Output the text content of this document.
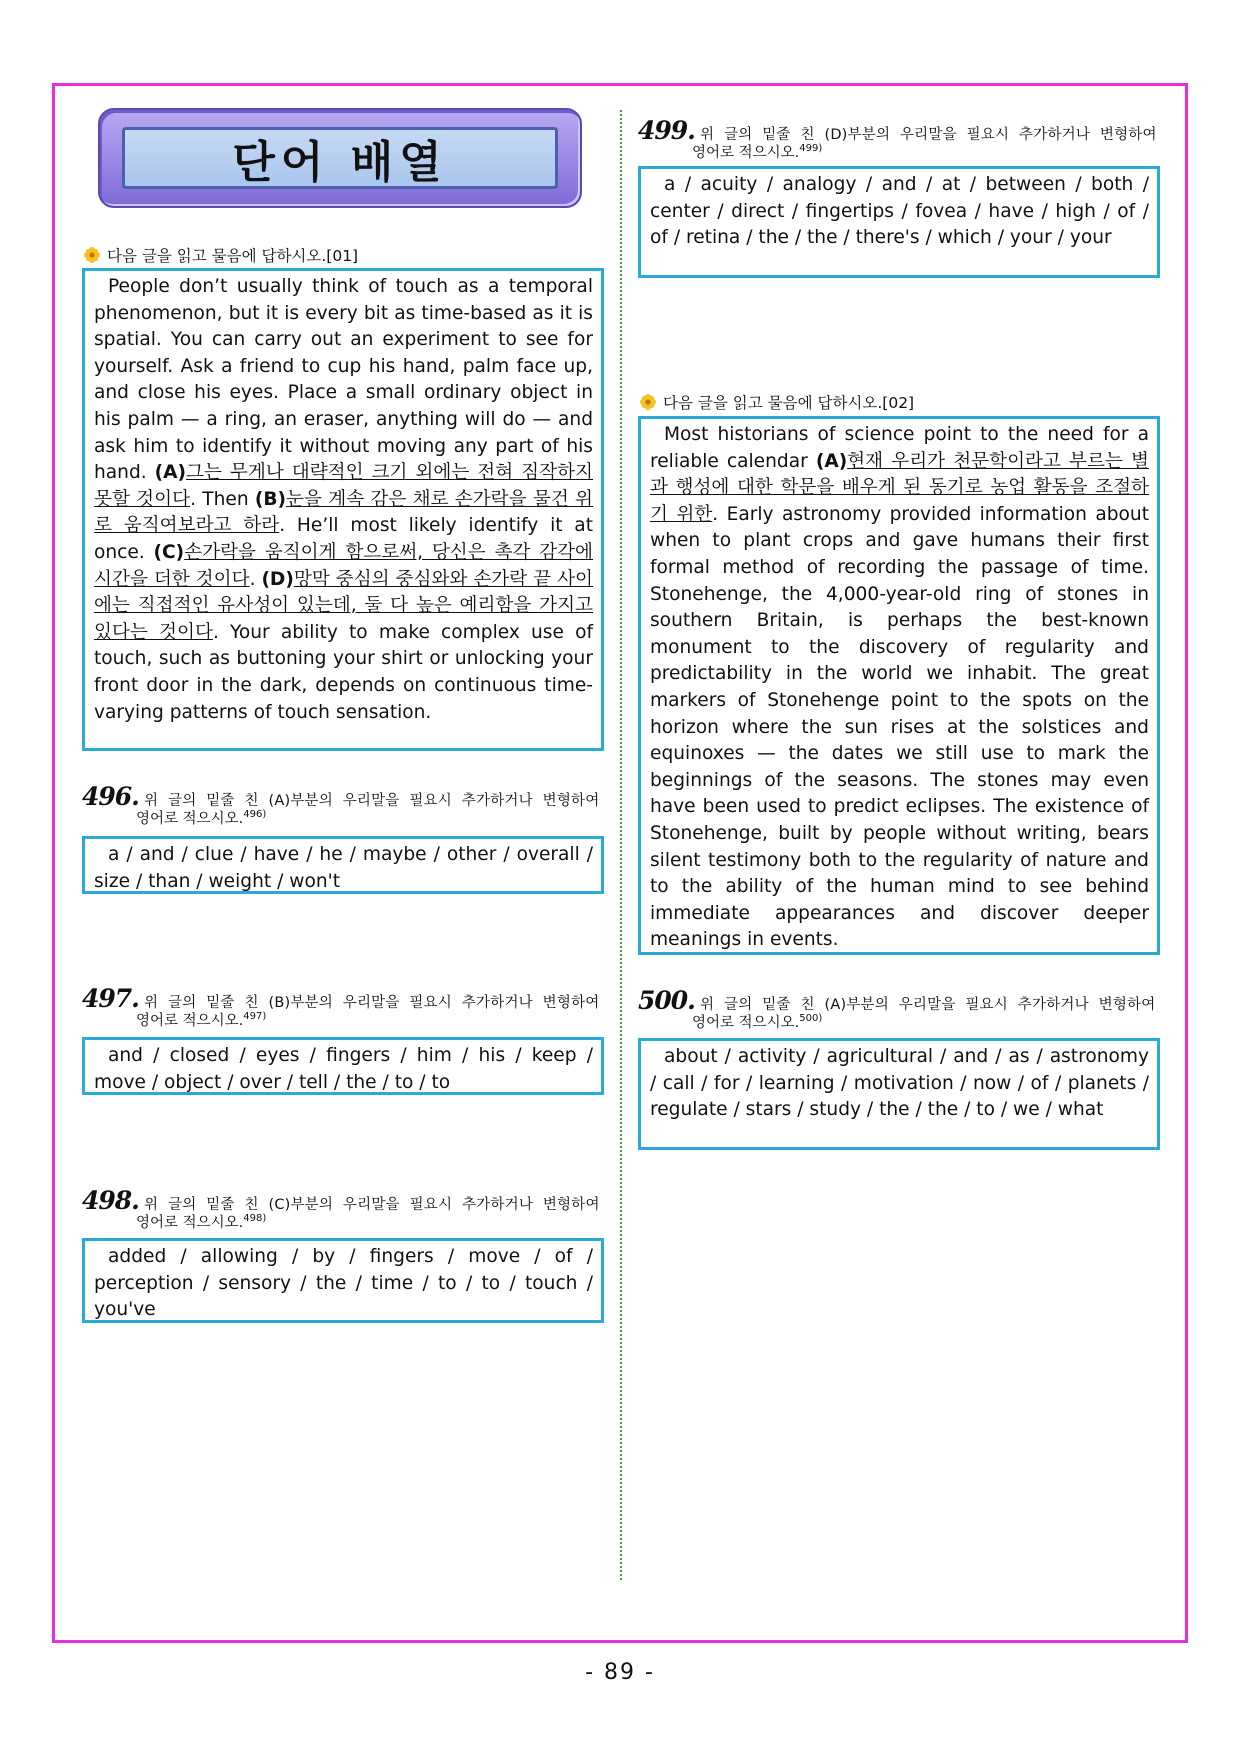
단어 배열
다음 글을 읽고 물음에 답하시오.[01]
People don’t usually think of touch as a temporal phenomenon, but it is every bit as time-based as it is spatial. You can carry out an experiment to see for yourself. Ask a friend to cup his hand, palm face up, and close his eyes. Place a small ordinary object in his palm — a ring, an eraser, anything will do — and ask him to identify it without moving any part of his hand. (A)그는 무게나 대략적인 크기 외에는 전혀 짐작하지 못할 것이다. Then (B)눈을 계속 감은 채로 손가락을 물건 위로 움직여보라고 하라. He’ll most likely identify it at once. (C)손가락을 움직이게 함으로써, 당신은 촉각 감각에 시간을 더한 것이다. (D)망막 중심의 중심와와 손가락 끝 사이에는 직접적인 유사성이 있는데, 둘 다 높은 예리함을 가지고 있다는 것이다. Your ability to make complex use of touch, such as buttoning your shirt or unlocking your front door in the dark, depends on continuous time-varying patterns of touch sensation.
496. 위 글의 밑줄 친 (A)부분의 우리말을 필요시 추가하거나 변형하여
영어로 적으시오.$^{496)}$
a / and / clue / have / he / maybe / other / overall / size / than / weight / won't
497. 위 글의 밑줄 친 (B)부분의 우리말을 필요시 추가하거나 변형하여
영어로 적으시오.$^{497)}$
and / closed / eyes / fingers / him / his / keep / move / object / over / tell / the / to / to
498. 위 글의 밑줄 친 (C)부분의 우리말을 필요시 추가하거나 변형하여
영어로 적으시오.$^{498)}$
added / allowing / by / fingers / move / of / perception / sensory / the / time / to / to / touch / you've
499. 위 글의 밑줄 친 (D)부분의 우리말을 필요시 추가하거나 변형하여
영어로 적으시오.$^{499)}$
a / acuity / analogy / and / at / between / both / center / direct / fingertips / fovea / have / high / of / of / retina / the / the / there's / which / your / your
다음 글을 읽고 물음에 답하시오.[02]
Most historians of science point to the need for a reliable calendar (A)현재 우리가 천문학이라고 부르는 별과 행성에 대한 학문을 배우게 된 동기로 농업 활동을 조절하기 위한. Early astronomy provided information about when to plant crops and gave humans their first formal method of recording the passage of time. Stonehenge, the 4,000-year-old ring of stones in southern Britain, is perhaps the best-known monument to the discovery of regularity and predictability in the world we inhabit. The great markers of Stonehenge point to the spots on the horizon where the sun rises at the solstices and equinoxes — the dates we still use to mark the beginnings of the seasons. The stones may even have been used to predict eclipses. The existence of Stonehenge, built by people without writing, bears silent testimony both to the regularity of nature and to the ability of the human mind to see behind immediate appearances and discover deeper meanings in events.
500. 위 글의 밑줄 친 (A)부분의 우리말을 필요시 추가하거나 변형하여
영어로 적으시오.$^{500)}$
about / activity / agricultural / and / as / astronomy / call / for / learning / motivation / now / of / planets / regulate / stars / study / the / the / to / we / what
- 89 -
